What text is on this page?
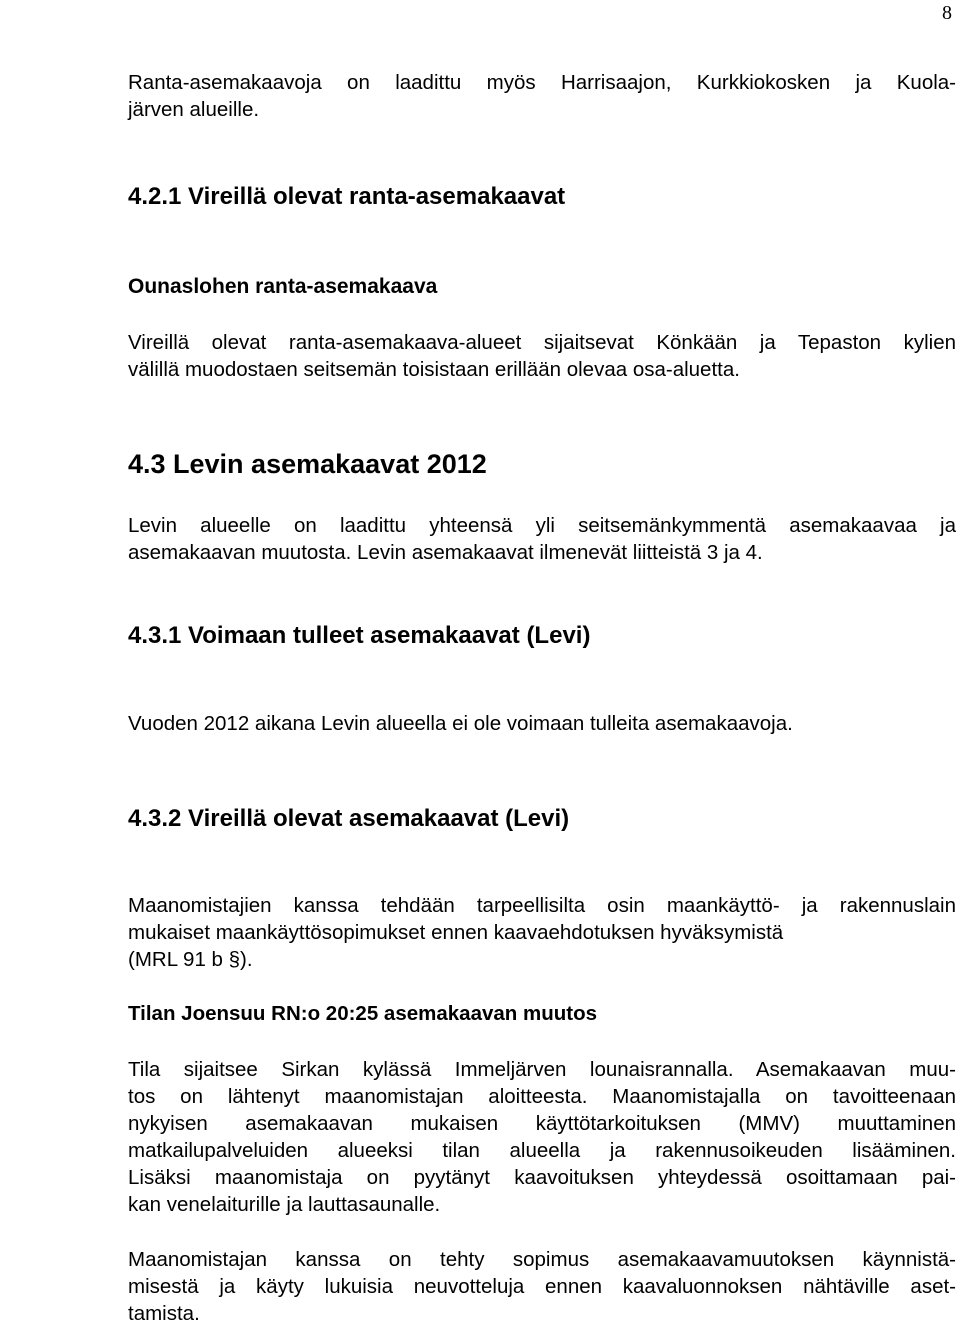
8
Ranta-asemakaavoja on laadittu myös Harrisaajon, Kurkkiokosken ja Kuola-
järven alueille.
4.2.1 Vireillä olevat ranta-asemakaavat
Ounaslohen ranta-asemakaava
Vireillä olevat ranta-asemakaava-alueet sijaitsevat Könkään ja Tepaston kylien
välillä muodostaen seitsemän toisistaan erillään olevaa osa-aluetta.
4.3 Levin asemakaavat 2012
Levin alueelle on laadittu yhteensä yli seitsemänkymmentä asemakaavaa ja
asemakaavan muutosta. Levin asemakaavat ilmenevät liitteistä 3 ja 4.
4.3.1 Voimaan tulleet asemakaavat (Levi)
Vuoden 2012 aikana Levin alueella ei ole voimaan tulleita asemakaavoja.
4.3.2 Vireillä olevat asemakaavat (Levi)
Maanomistajien kanssa tehdään tarpeellisilta osin maankäyttö- ja rakennuslain
mukaiset maankäyttösopimukset ennen kaavaehdotuksen hyväksymistä
(MRL 91 b §).
Tilan Joensuu RN:o 20:25 asemakaavan muutos
Tila sijaitsee Sirkan kylässä Immeljärven lounaisrannalla. Asemakaavan muu-
tos on lähtenyt maanomistajan aloitteesta. Maanomistajalla on tavoitteenaan
nykyisen asemakaavan mukaisen käyttötarkoituksen (MMV) muuttaminen
matkailupalveluiden alueeksi tilan alueella ja rakennusoikeuden lisääminen.
Lisäksi maanomistaja on pyytänyt kaavoituksen yhteydessä osoittamaan pai-
kan venelaiturille ja lauttasaunalle.
Maanomistajan kanssa on tehty sopimus asemakaavamuutoksen käynnistä-
misestä ja käyty lukuisia neuvotteluja ennen kaavaluonnoksen nähtäville aset-
tamista.
